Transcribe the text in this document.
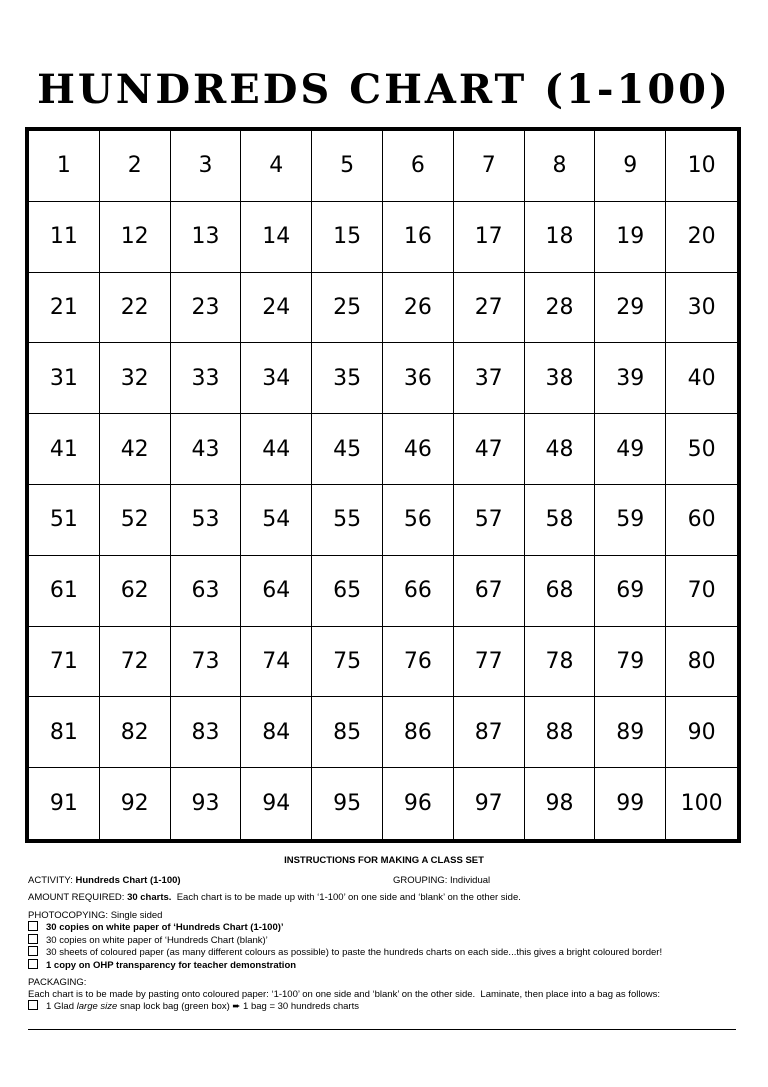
HUNDREDS CHART (1-100)
1	2	3	4	5	6	7	8	9	10
11	12	13	14	15	16	17	18	19	20
21	22	23	24	25	26	27	28	29	30
31	32	33	34	35	36	37	38	39	40
41	42	43	44	45	46	47	48	49	50
51	52	53	54	55	56	57	58	59	60
61	62	63	64	65	66	67	68	69	70
71	72	73	74	75	76	77	78	79	80
81	82	83	84	85	86	87	88	89	90
91	92	93	94	95	96	97	98	99	100
INSTRUCTIONS FOR MAKING A CLASS SET
ACTIVITY: Hundreds Chart (1-100)	GROUPING: Individual
AMOUNT REQUIRED: 30 charts.  Each chart is to be made up with ‘1-100’ on one side and ‘blank’ on the other side.
PHOTOCOPYING: Single sided
30 copies on white paper of ‘Hundreds Chart (1-100)’
30 copies on white paper of ‘Hundreds Chart (blank)’
30 sheets of coloured paper (as many different colours as possible) to paste the hundreds charts on each side...this gives a bright coloured border!
1 copy on OHP transparency for teacher demonstration
PACKAGING:
Each chart is to be made by pasting onto coloured paper: ‘1-100’ on one side and ‘blank’ on the other side.  Laminate, then place into a bag as follows:
1 Glad large size snap lock bag (green box) ➨ 1 bag = 30 hundreds charts
